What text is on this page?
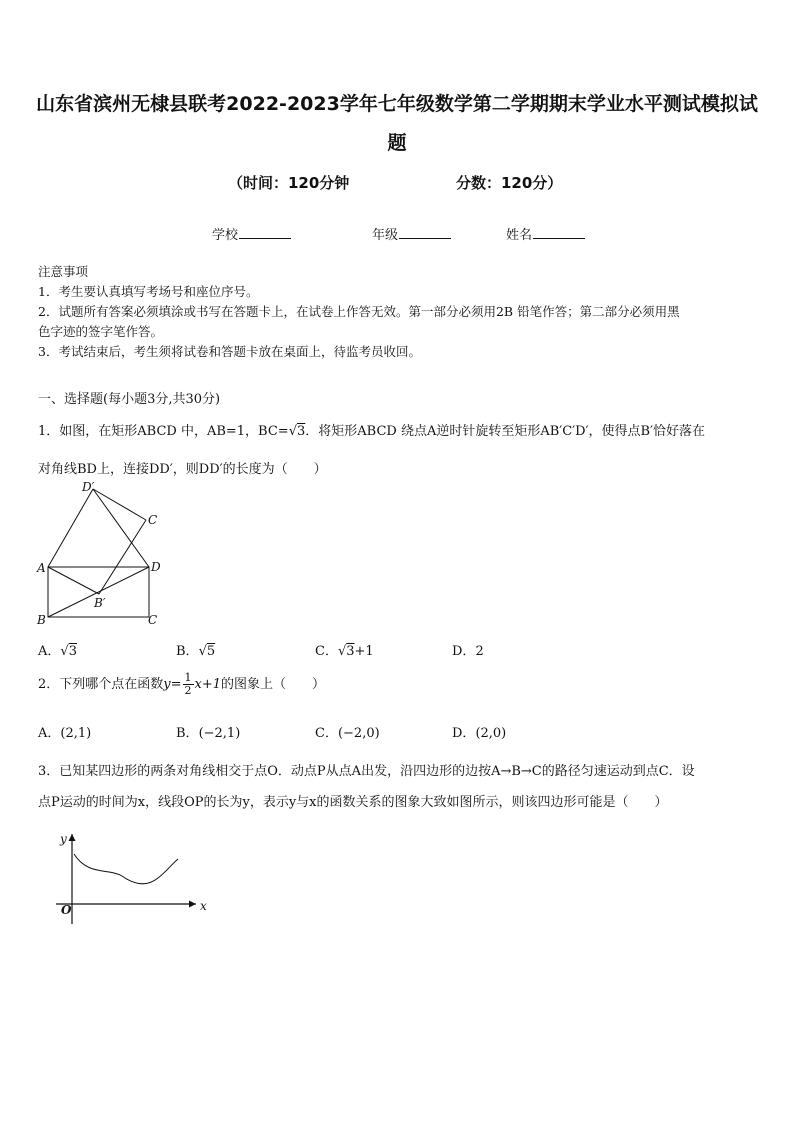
山东省滨州无棣县联考2022-2023学年七年级数学第二学期期末学业水平测试模拟试
题
（时间：120分钟	分数：120分）
学校	年级	姓名
注意事项
1．考生要认真填写考场号和座位序号。
2．试题所有答案必须填涂或书写在答题卡上，在试卷上作答无效。第一部分必须用2B 铅笔作答；第二部分必须用黑
色字迹的签字笔作答。
3．考试结束后，考生须将试卷和答题卡放在桌面上，待监考员收回。
一、选择题(每小题3分,共30分)
1．如图，在矩形ABCD 中，AB=1，BC=√3．将矩形ABCD 绕点A逆时针旋转至矩形AB′C′D′，使得点B′恰好落在
对角线BD上，连接DD′，则DD′的长度为（　　）
D′
C
A	D
B′
B	C
A．√3	B．√5	C．√3+1	D．2
2．下列哪个点在函数$y= \frac{1}{2} x+1$的图象上（　　）
A．(2,1)	B．(−2,1)	C．(−2,0)	D．(2,0)
3．已知某四边形的两条对角线相交于点O．动点P从点A出发，沿四边形的边按A→B→C的路径匀速运动到点C．设
点P运动的时间为x，线段OP的长为y，表示y与x的函数关系的图象大致如图所示，则该四边形可能是（　　）
y
x
O
